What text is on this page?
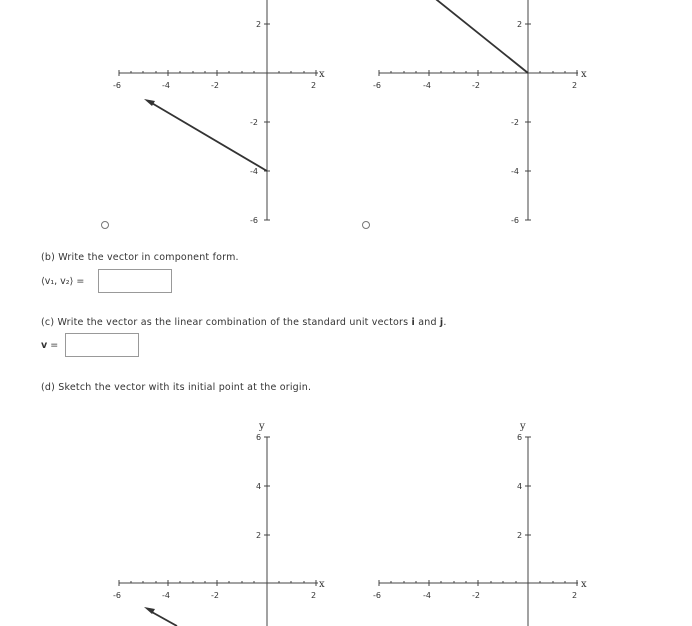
-6	-4	-2	2
2
-2
-4
-6
x
-6	-4	-2	2
2
-2
-4
-6
x
(b) Write the vector in component form.
⟨v₁, v₂⟩ =
(c) Write the vector as the linear combination of the standard unit vectors i and j.
v =
(d) Sketch the vector with its initial point at the origin.
-6	-4	-2	2
6
4
2
y
x
-6	-4	-2	2
6
4
2
y
x
